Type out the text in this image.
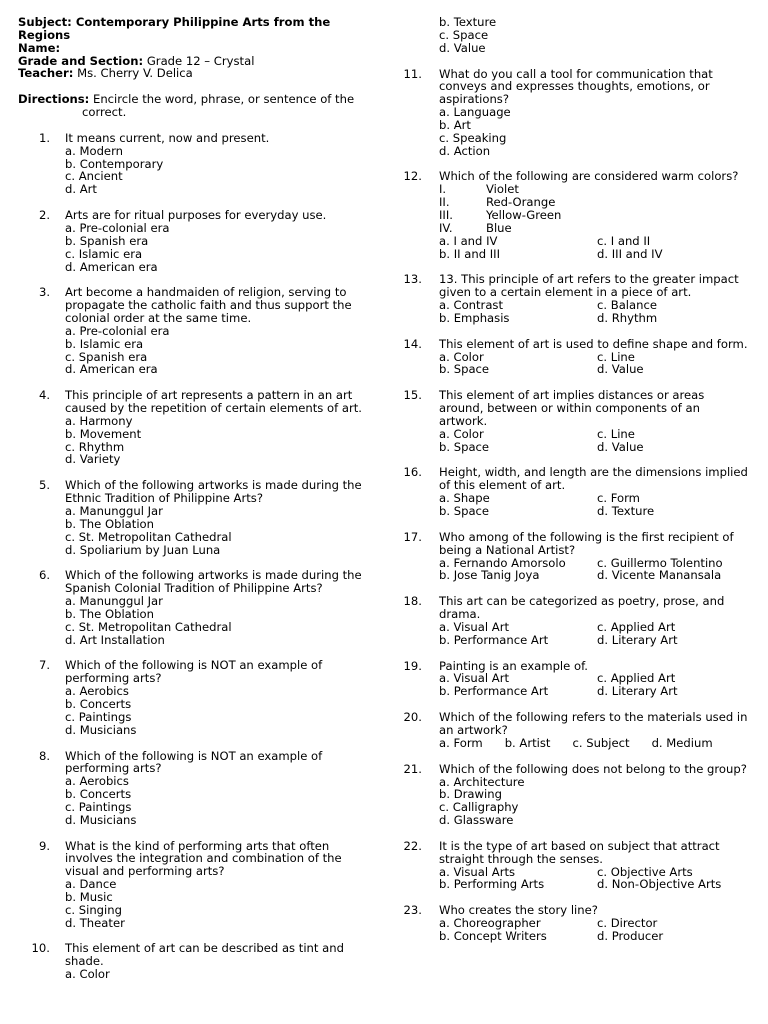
Subject: Contemporary Philippine Arts from the
Regions
Name:
Grade and Section: Grade 12 – Crystal
Teacher: Ms. Cherry V. Delica
Directions: Encircle the word, phrase, or sentence of the
correct.
1. It means current, now and present.
a. Modern
b. Contemporary
c. Ancient
d. Art
2. Arts are for ritual purposes for everyday use.
a. Pre-colonial era
b. Spanish era
c. Islamic era
d. American era
3. Art become a handmaiden of religion, serving to
propagate the catholic faith and thus support the
colonial order at the same time.
a. Pre-colonial era
b. Islamic era
c. Spanish era
d. American era
4. This principle of art represents a pattern in an art
caused by the repetition of certain elements of art.
a. Harmony
b. Movement
c. Rhythm
d. Variety
5. Which of the following artworks is made during the
Ethnic Tradition of Philippine Arts?
a. Manunggul Jar
b. The Oblation
c. St. Metropolitan Cathedral
d. Spoliarium by Juan Luna
6. Which of the following artworks is made during the
Spanish Colonial Tradition of Philippine Arts?
a. Manunggul Jar
b. The Oblation
c. St. Metropolitan Cathedral
d. Art Installation
7. Which of the following is NOT an example of
performing arts?
a. Aerobics
b. Concerts
c. Paintings
d. Musicians
8. Which of the following is NOT an example of
performing arts?
a. Aerobics
b. Concerts
c. Paintings
d. Musicians
9. What is the kind of performing arts that often
involves the integration and combination of the
visual and performing arts?
a. Dance
b. Music
c. Singing
d. Theater
10. This element of art can be described as tint and
shade.
a. Color
b. Texture
c. Space
d. Value
11. What do you call a tool for communication that
conveys and expresses thoughts, emotions, or
aspirations?
a. Language
b. Art
c. Speaking
d. Action
12. Which of the following are considered warm colors?
I.	Violet
II.	Red-Orange
III.	Yellow-Green
IV.	Blue
a. I and IV	c. I and II
b. II and III	d. III and IV
13. 13. This principle of art refers to the greater impact
given to a certain element in a piece of art.
a. Contrast	c. Balance
b. Emphasis	d. Rhythm
14. This element of art is used to define shape and form.
a. Color	c. Line
b. Space	d. Value
15. This element of art implies distances or areas
around, between or within components of an
artwork.
a. Color	c. Line
b. Space	d. Value
16. Height, width, and length are the dimensions implied
of this element of art.
a. Shape	c. Form
b. Space	d. Texture
17. Who among of the following is the first recipient of
being a National Artist?
a. Fernando Amorsolo	c. Guillermo Tolentino
b. Jose Tanig Joya	d. Vicente Manansala
18. This art can be categorized as poetry, prose, and
drama.
a. Visual Art	c. Applied Art
b. Performance Art	d. Literary Art
19. Painting is an example of.
a. Visual Art	c. Applied Art
b. Performance Art	d. Literary Art
20. Which of the following refers to the materials used in
an artwork?
a. Form b. Artist c. Subject d. Medium
21. Which of the following does not belong to the group?
a. Architecture
b. Drawing
c. Calligraphy
d. Glassware
22. It is the type of art based on subject that attract
straight through the senses.
a. Visual Arts	c. Objective Arts
b. Performing Arts	d. Non-Objective Arts
23. Who creates the story line?
a. Choreographer	c. Director
b. Concept Writers	d. Producer
